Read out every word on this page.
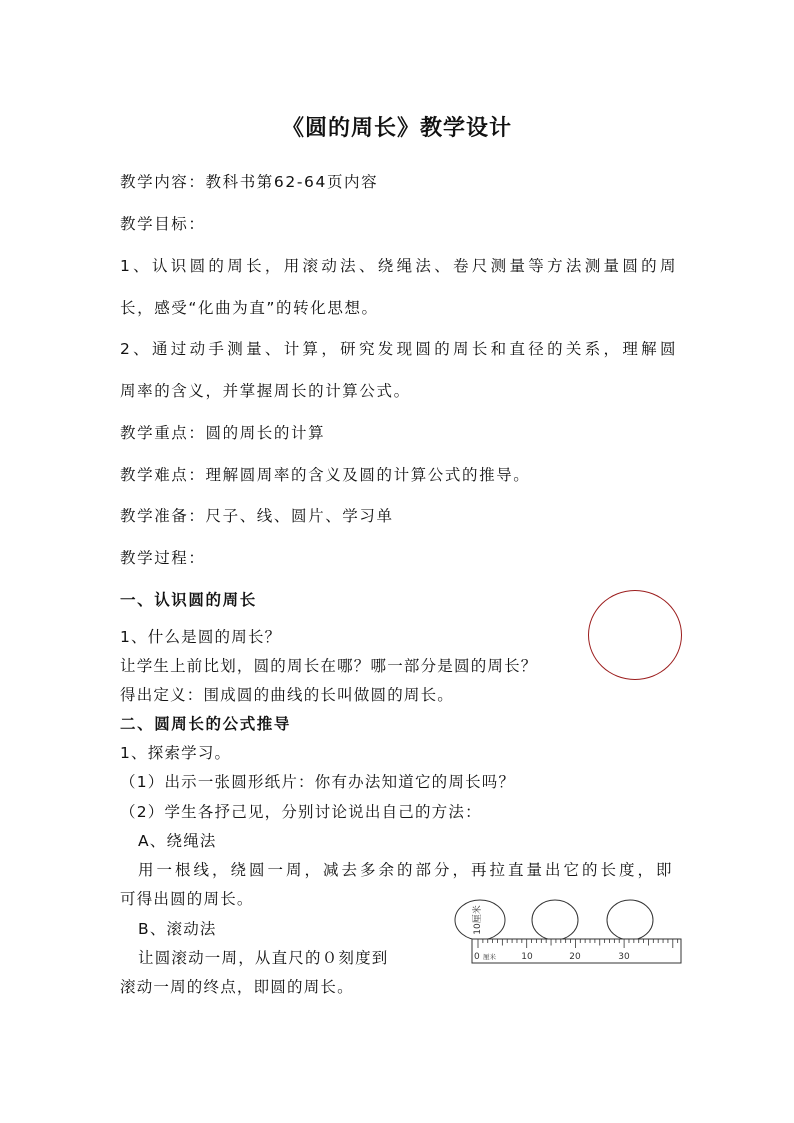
《圆的周长》教学设计

教学内容：教科书第62-64页内容

教学目标：

1、认识圆的周长，用滚动法、绕绳法、卷尺测量等方法测量圆的周

长，感受“化曲为直”的转化思想。

2、通过动手测量、计算，研究发现圆的周长和直径的关系，理解圆

周率的含义，并掌握周长的计算公式。

教学重点：圆的周长的计算

教学难点：理解圆周率的含义及圆的计算公式的推导。

教学准备：尺子、线、圆片、学习单

教学过程：

一、认识圆的周长

1、什么是圆的周长？

让学生上前比划，圆的周长在哪？哪一部分是圆的周长？

得出定义：围成圆的曲线的长叫做圆的周长。

二、圆周长的公式推导

1、探索学习。

（1）出示一张圆形纸片：你有办法知道它的周长吗？

（2）学生各抒己见，分别讨论说出自己的方法：

A、绕绳法

用一根线，绕圆一周，减去多余的部分，再拉直量出它的长度，即

可得出圆的周长。

B、滚动法

让圆滚动一周，从直尺的０刻度到

滚动一周的终点，即圆的周长。

10厘米
0 厘米	10	20	30
